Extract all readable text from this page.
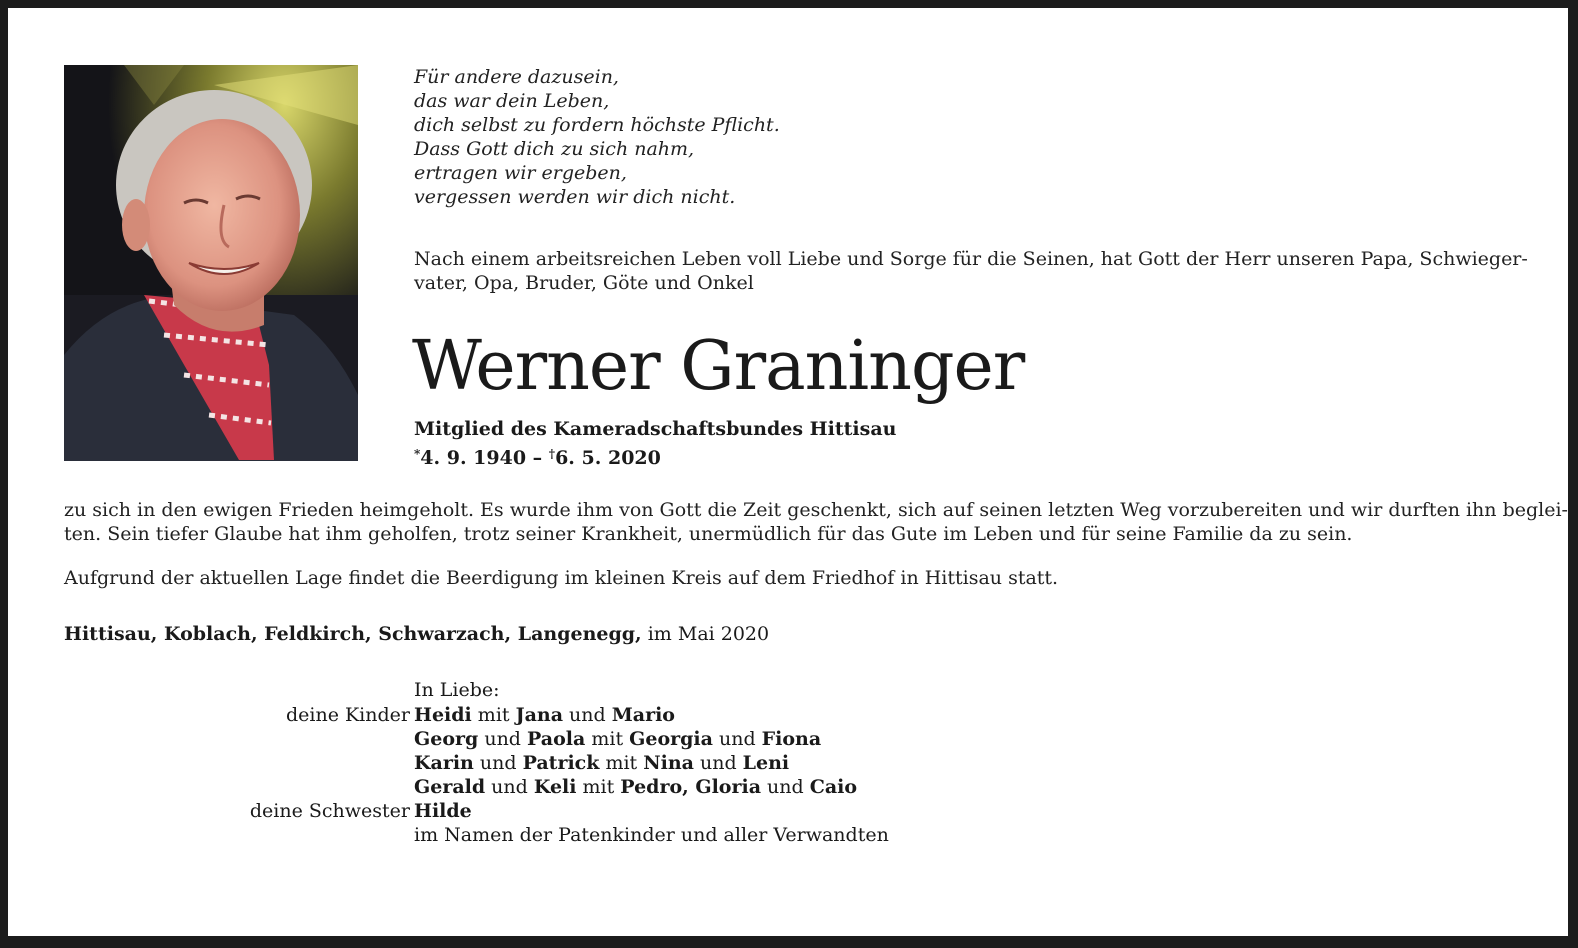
Für andere dazusein,
das war dein Leben,
dich selbst zu fordern höchste Pflicht.
Dass Gott dich zu sich nahm,
ertragen wir ergeben,
vergessen werden wir dich nicht.
Nach einem arbeitsreichen Leben voll Liebe und Sorge für die Seinen, hat Gott der Herr unseren Papa, Schwieger-
vater, Opa, Bruder, Göte und Onkel
Werner Graninger
Mitglied des Kameradschaftsbundes Hittisau
*4. 9. 1940 – †6. 5. 2020
zu sich in den ewigen Frieden heimgeholt. Es wurde ihm von Gott die Zeit geschenkt, sich auf seinen letzten Weg vorzubereiten und wir durften ihn beglei-
ten. Sein tiefer Glaube hat ihm geholfen, trotz seiner Krankheit, unermüdlich für das Gute im Leben und für seine Familie da zu sein.
Aufgrund der aktuellen Lage findet die Beerdigung im kleinen Kreis auf dem Friedhof in Hittisau statt.
Hittisau, Koblach, Feldkirch, Schwarzach, Langenegg, im Mai 2020
In Liebe:
deine Kinder Heidi mit Jana und Mario
Georg und Paola mit Georgia und Fiona
Karin und Patrick mit Nina und Leni
Gerald und Keli mit Pedro, Gloria und Caio
deine Schwester Hilde
im Namen der Patenkinder und aller Verwandten
